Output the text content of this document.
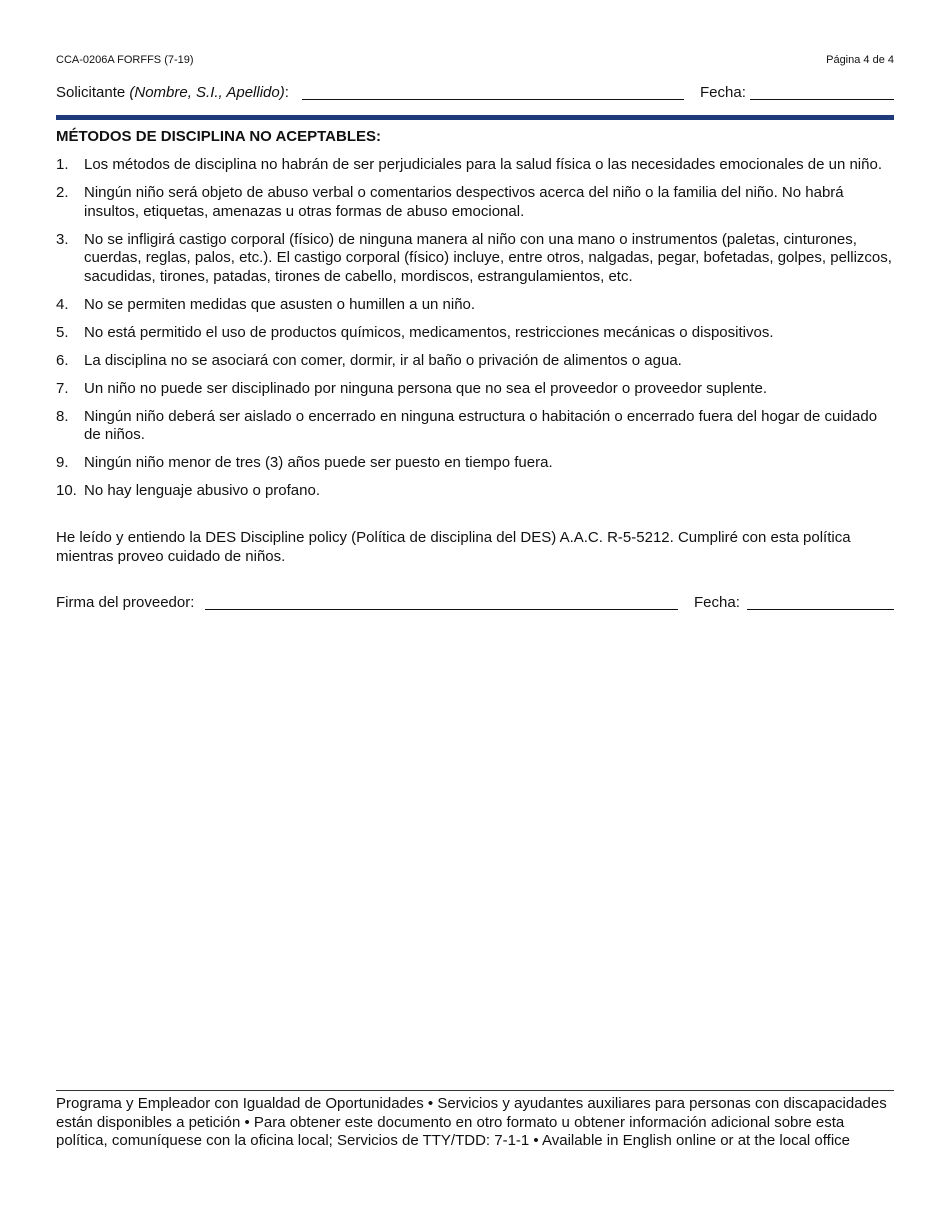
CCA-0206A FORFFS (7-19)	Página 4 de 4
Solicitante (Nombre, S.I., Apellido):	Fecha:
MÉTODOS DE DISCIPLINA NO ACEPTABLES:
1. Los métodos de disciplina no habrán de ser perjudiciales para la salud física o las necesidades emocionales de un niño.
2. Ningún niño será objeto de abuso verbal o comentarios despectivos acerca del niño o la familia del niño. No habrá insultos, etiquetas, amenazas u otras formas de abuso emocional.
3. No se infligirá castigo corporal (físico) de ninguna manera al niño con una mano o instrumentos (paletas, cinturones, cuerdas, reglas, palos, etc.). El castigo corporal (físico) incluye, entre otros, nalgadas, pegar, bofetadas, golpes, pellizcos, sacudidas, tirones, patadas, tirones de cabello, mordiscos, estrangulamientos, etc.
4. No se permiten medidas que asusten o humillen a un niño.
5. No está permitido el uso de productos químicos, medicamentos, restricciones mecánicas o dispositivos.
6. La disciplina no se asociará con comer, dormir, ir al baño o privación de alimentos o agua.
7. Un niño no puede ser disciplinado por ninguna persona que no sea el proveedor o proveedor suplente.
8. Ningún niño deberá ser aislado o encerrado en ninguna estructura o habitación o encerrado fuera del hogar de cuidado de niños.
9. Ningún niño menor de tres (3) años puede ser puesto en tiempo fuera.
10. No hay lenguaje abusivo o profano.
He leído y entiendo la DES Discipline policy (Política de disciplina del DES) A.A.C. R-5-5212. Cumpliré con esta política mientras proveo cuidado de niños.
Firma del proveedor:	Fecha:
Programa y Empleador con Igualdad de Oportunidades • Servicios y ayudantes auxiliares para personas con discapacidades están disponibles a petición • Para obtener este documento en otro formato u obtener información adicional sobre esta política, comuníquese con la oficina local; Servicios de TTY/TDD: 7-1-1 • Available in English online or at the local office
